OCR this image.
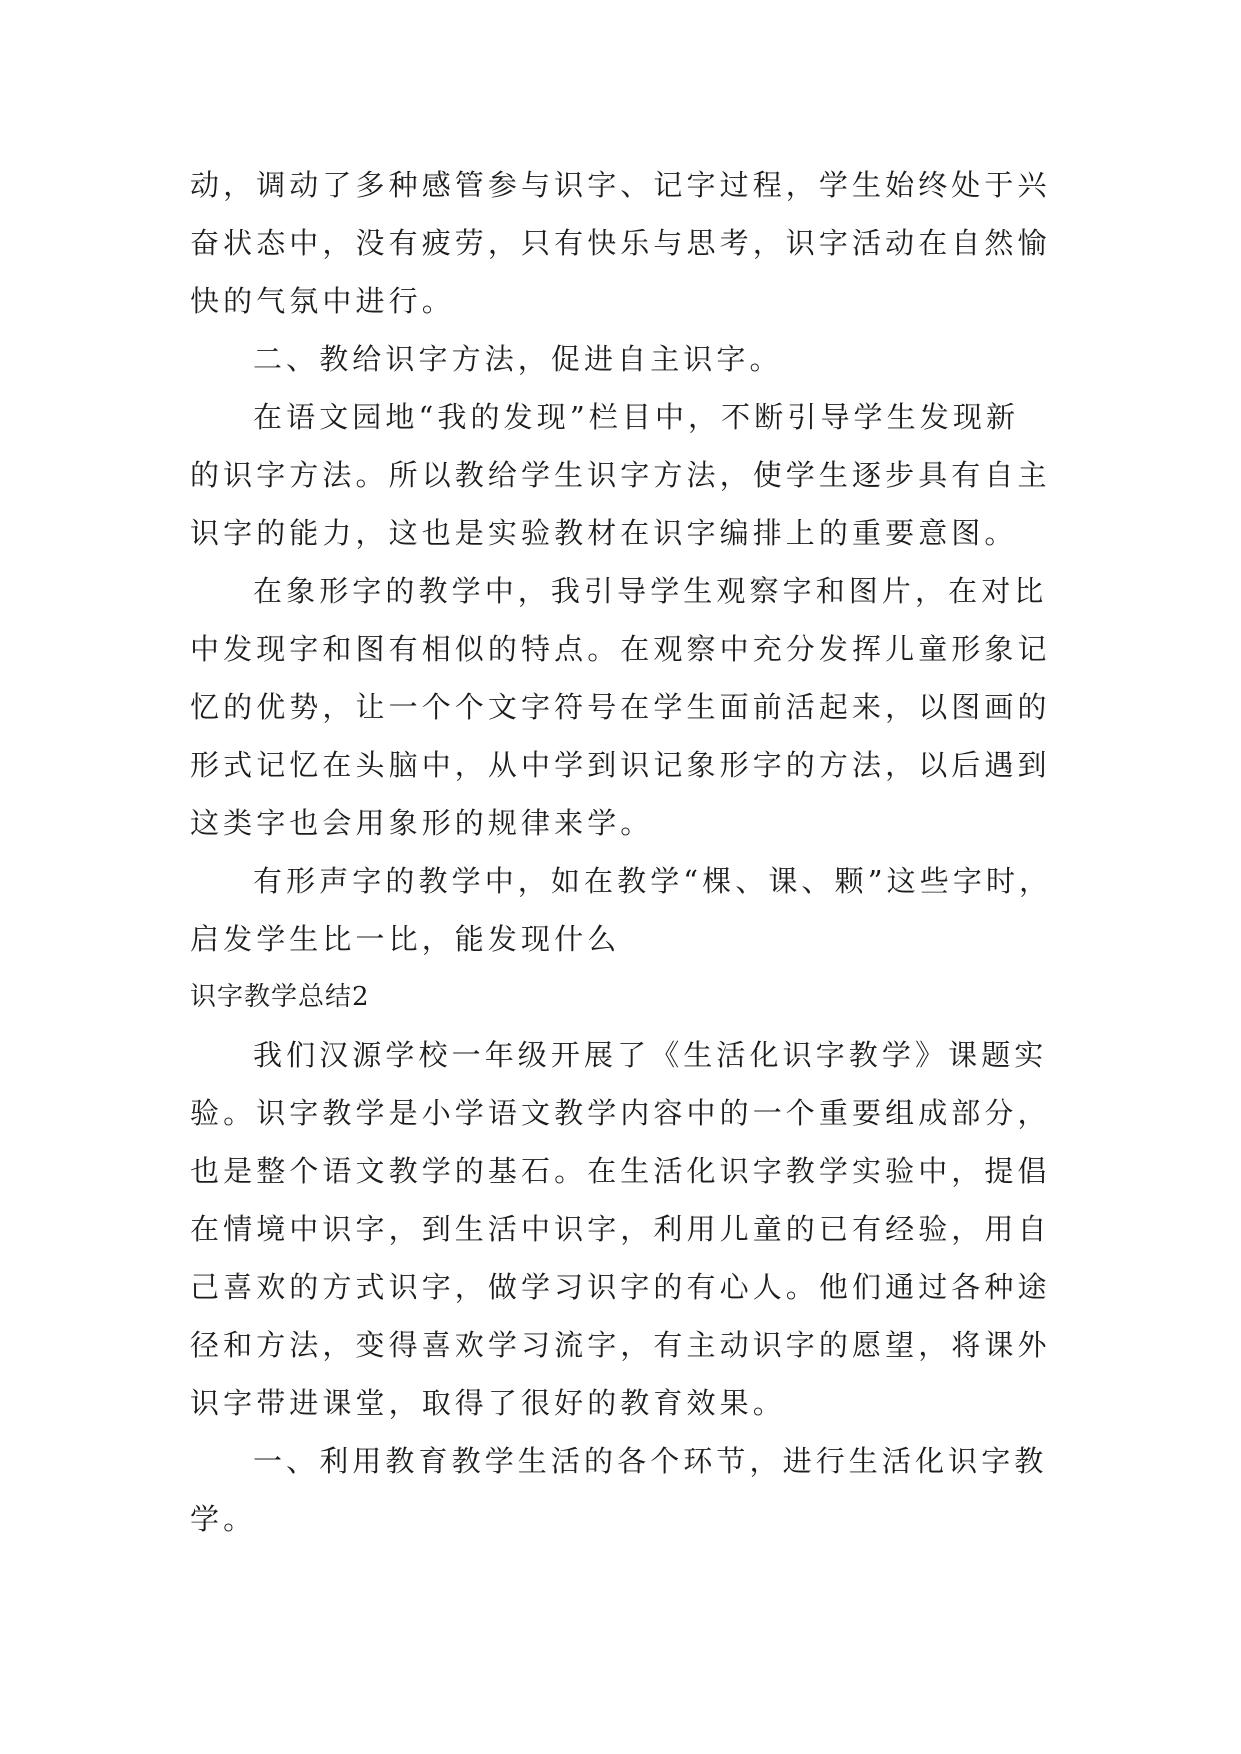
动，调动了多种感管参与识字、记字过程，学生始终处于兴
奋状态中，没有疲劳，只有快乐与思考，识字活动在自然愉
快的气氛中进行。
二、教给识字方法，促进自主识字。
在语文园地“我的发现”栏目中，不断引导学生发现新
的识字方法。所以教给学生识字方法，使学生逐步具有自主
识字的能力，这也是实验教材在识字编排上的重要意图。
在象形字的教学中，我引导学生观察字和图片，在对比
中发现字和图有相似的特点。在观察中充分发挥儿童形象记
忆的优势，让一个个文字符号在学生面前活起来，以图画的
形式记忆在头脑中，从中学到识记象形字的方法，以后遇到
这类字也会用象形的规律来学。
有形声字的教学中，如在教学“棵、课、颗”这些字时，
启发学生比一比，能发现什么
识字教学总结2
我们汉源学校一年级开展了《生活化识字教学》课题实
验。识字教学是小学语文教学内容中的一个重要组成部分，
也是整个语文教学的基石。在生活化识字教学实验中，提倡
在情境中识字，到生活中识字，利用儿童的已有经验，用自
己喜欢的方式识字，做学习识字的有心人。他们通过各种途
径和方法，变得喜欢学习流字，有主动识字的愿望，将课外
识字带进课堂，取得了很好的教育效果。
一、利用教育教学生活的各个环节，进行生活化识字教
学。
